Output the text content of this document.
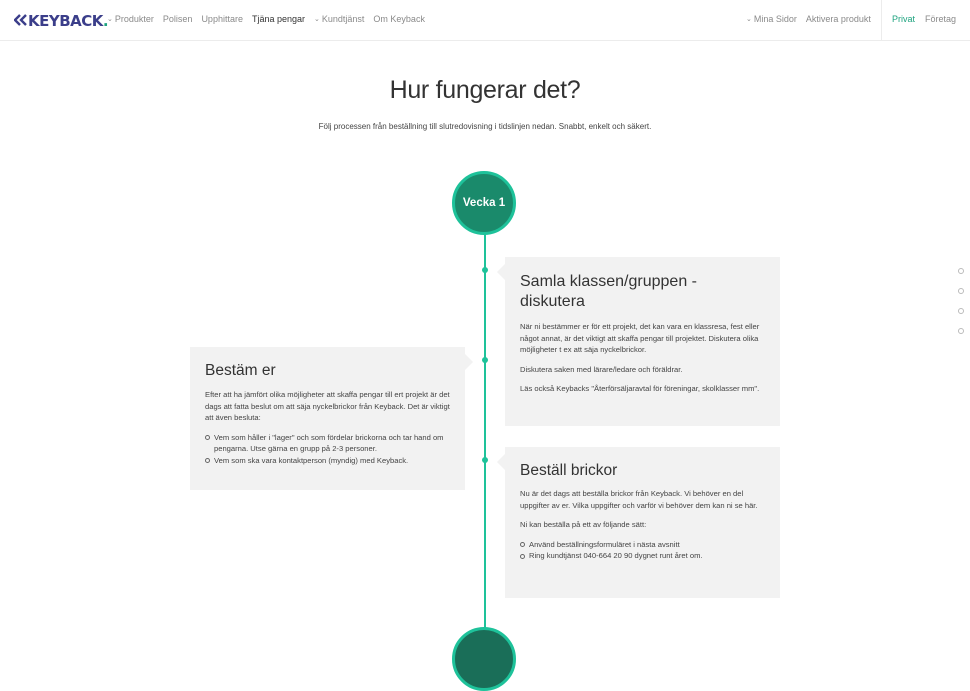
KEYBACK .
⌄ Produkter Polisen Upphittare Tjäna pengar ⌄ Kundtjänst Om Keyback	⌄ Mina Sidor Aktivera produkt Privat Företag
Hur fungerar det?
Följ processen från beställning till slutredovisning i tidslinjen nedan. Snabbt, enkelt och säkert.
Vecka 1
Samla klassen/gruppen - diskutera

När ni bestämmer er för ett projekt, det kan vara en klassresa, fest eller något annat, är det viktigt att skaffa pengar till projektet. Diskutera olika möjligheter t ex att säja nyckelbrickor.

Diskutera saken med lärare/ledare och föräldrar.

Läs också Keybacks "Återförsäljaravtal för föreningar, skolklasser mm".

Bestäm er

Efter att ha jämfört olika möjligheter att skaffa pengar till ert projekt är det dags att fatta beslut om att säja nyckelbrickor från Keyback. Det är viktigt att även besluta:

Vem som håller i "lager" och som fördelar brickorna och tar hand om pengarna. Utse gärna en grupp på 2-3 personer.
Vem som ska vara kontaktperson (myndig) med Keyback.
Beställ brickor

Nu är det dags att beställa brickor från Keyback. Vi behöver en del uppgifter av er. Vilka uppgifter och varför vi behöver dem kan ni se här.

Ni kan beställa på ett av följande sätt:

Använd beställningsformuläret i nästa avsnitt
Ring kundtjänst 040-664 20 90 dygnet runt året om.
